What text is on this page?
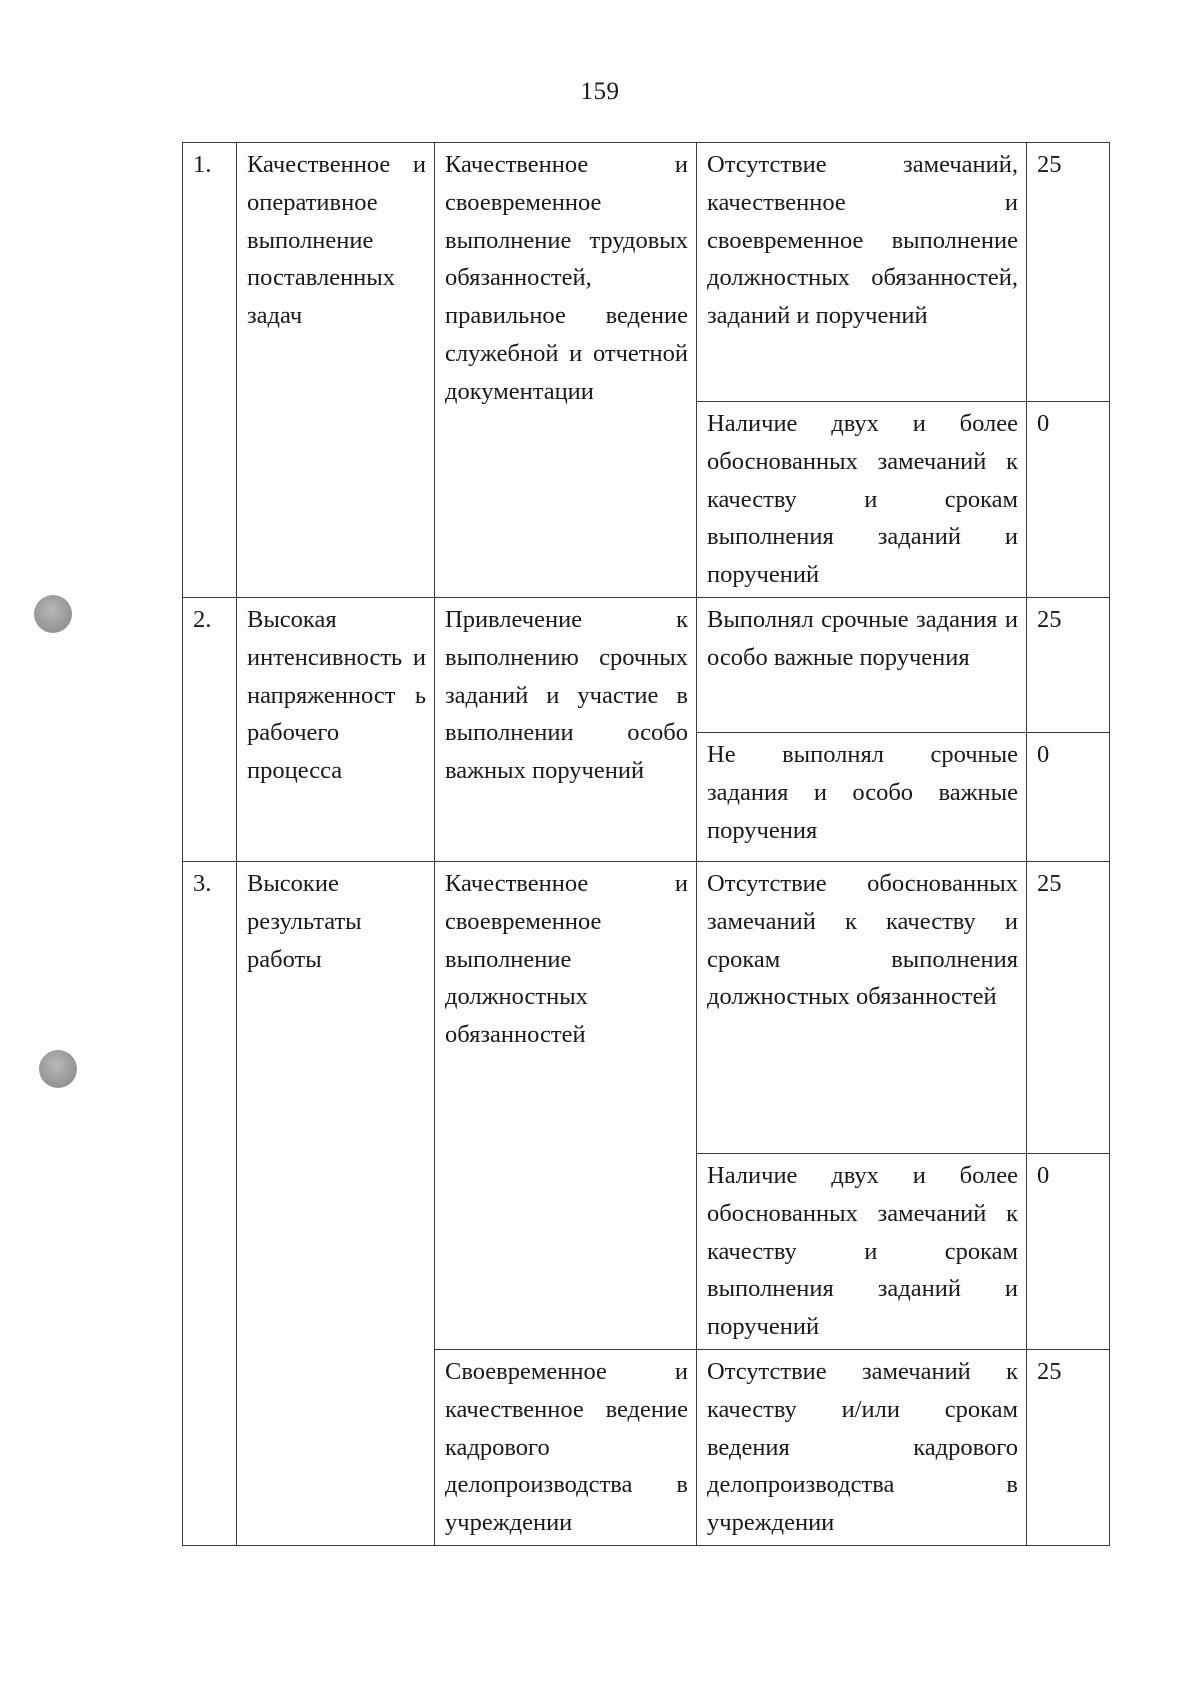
159
1.	Качественное и оперативное выполнение поставленных задач	Качественное и своевременное выполнение трудовых обязанностей, правильное ведение служебной и отчетной документации	Отсутствие замечаний, качественное и своевременное выполнение должностных обязанностей, заданий и поручений	25
			Наличие двух и более обоснованных замечаний к качеству и срокам выполнения заданий и поручений	0
2.	Высокая интенсивность и напряженност ь рабочего процесса	Привлечение к выполнению срочных заданий и участие в выполнении особо важных поручений	Выполнял срочные задания и особо важные поручения	25
			Не выполнял срочные задания и особо важные поручения	0
3.	Высокие результаты работы	Качественное и своевременное выполнение должностных обязанностей	Отсутствие обоснованных замечаний к качеству и срокам выполнения должностных обязанностей	25
			Наличие двух и более обоснованных замечаний к качеству и срокам выполнения заданий и поручений	0
		Своевременное и качественное ведение кадрового делопроизводства в учреждении	Отсутствие замечаний к качеству и/или срокам ведения кадрового делопроизводства в учреждении	25
